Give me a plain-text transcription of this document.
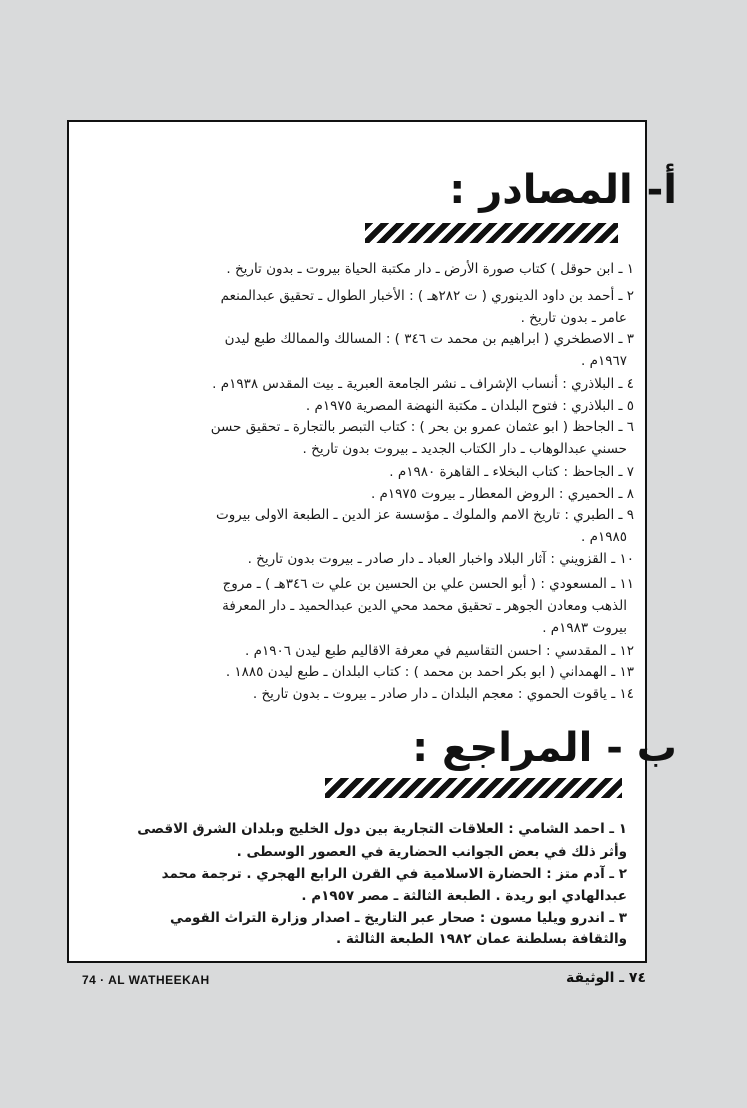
أ- المصادر :
١ ـ ابن حوقل ) كتاب صورة الأرض ـ دار مكتبة الحياة بيروت ـ بدون تاريخ .
٢ ـ أحمد بن داود الدينوري ( ت ٢٨٢هـ ) : الأخبار الطوال ـ تحقيق عبدالمنعم
عامر ـ بدون تاريخ .
٣ ـ الاصطخري ( ابراهيم بن محمد ت ٣٤٦ ) : المسالك والممالك طبع ليدن
١٩٦٧م .
٤ ـ البلاذري : أنساب الإشراف ـ نشر الجامعة العبرية ـ بيت المقدس ١٩٣٨م .
٥ ـ البلاذري : فتوح البلدان ـ مكتبة النهضة المصرية ١٩٧٥م .
٦ ـ الجاحظ ( ابو عثمان عمرو بن بحر ) : كتاب التبصر بالتجارة ـ تحقيق حسن
حسني عبدالوهاب ـ دار الكتاب الجديد ـ بيروت بدون تاريخ .
٧ ـ الجاحظ : كتاب البخلاء ـ القاهرة ١٩٨٠م .
٨ ـ الحميري : الروض المعطار ـ بيروت ١٩٧٥م .
٩ ـ الطبري : تاريخ الامم والملوك ـ مؤسسة عز الدين ـ الطبعة الاولى بيروت
١٩٨٥م .
١٠ ـ القزويني : آثار البلاد واخبار العباد ـ دار صادر ـ بيروت بدون تاريخ .
١١ ـ المسعودي : ( أبو الحسن علي بن الحسين بن علي ت ٣٤٦هـ ) ـ مروج
الذهب ومعادن الجوهر ـ تحقيق محمد محي الدين عبدالحميد ـ دار المعرفة
بيروت ١٩٨٣م .
١٢ ـ المقدسي : احسن التقاسيم في معرفة الاقاليم طبع ليدن ١٩٠٦م .
١٣ ـ الهمداني ( ابو بكر احمد بن محمد ) : كتاب البلدان ـ طبع ليدن ١٨٨٥ .
١٤ ـ ياقوت الحموي : معجم البلدان ـ دار صادر ـ بيروت ـ بدون تاريخ .
ب - المراجع :
١ ـ احمد الشامي : العلاقات التجارية بين دول الخليج وبلدان الشرق الاقصى
وأثر ذلك في بعض الجوانب الحضارية في العصور الوسطى .
٢ ـ آدم متز : الحضارة الاسلامية في القرن الرابع الهجري . ترجمة محمد
عبدالهادي ابو ريدة . الطبعة الثالثة ـ مصر ١٩٥٧م .
٣ ـ اندرو ويليا مسون : صحار عبر التاريخ ـ اصدار وزارة التراث القومي
والثقافة بسلطنة عمان ١٩٨٢ الطبعة الثالثة .
74 · AL WATHEEKAH	٧٤ ـ الوثيقة
